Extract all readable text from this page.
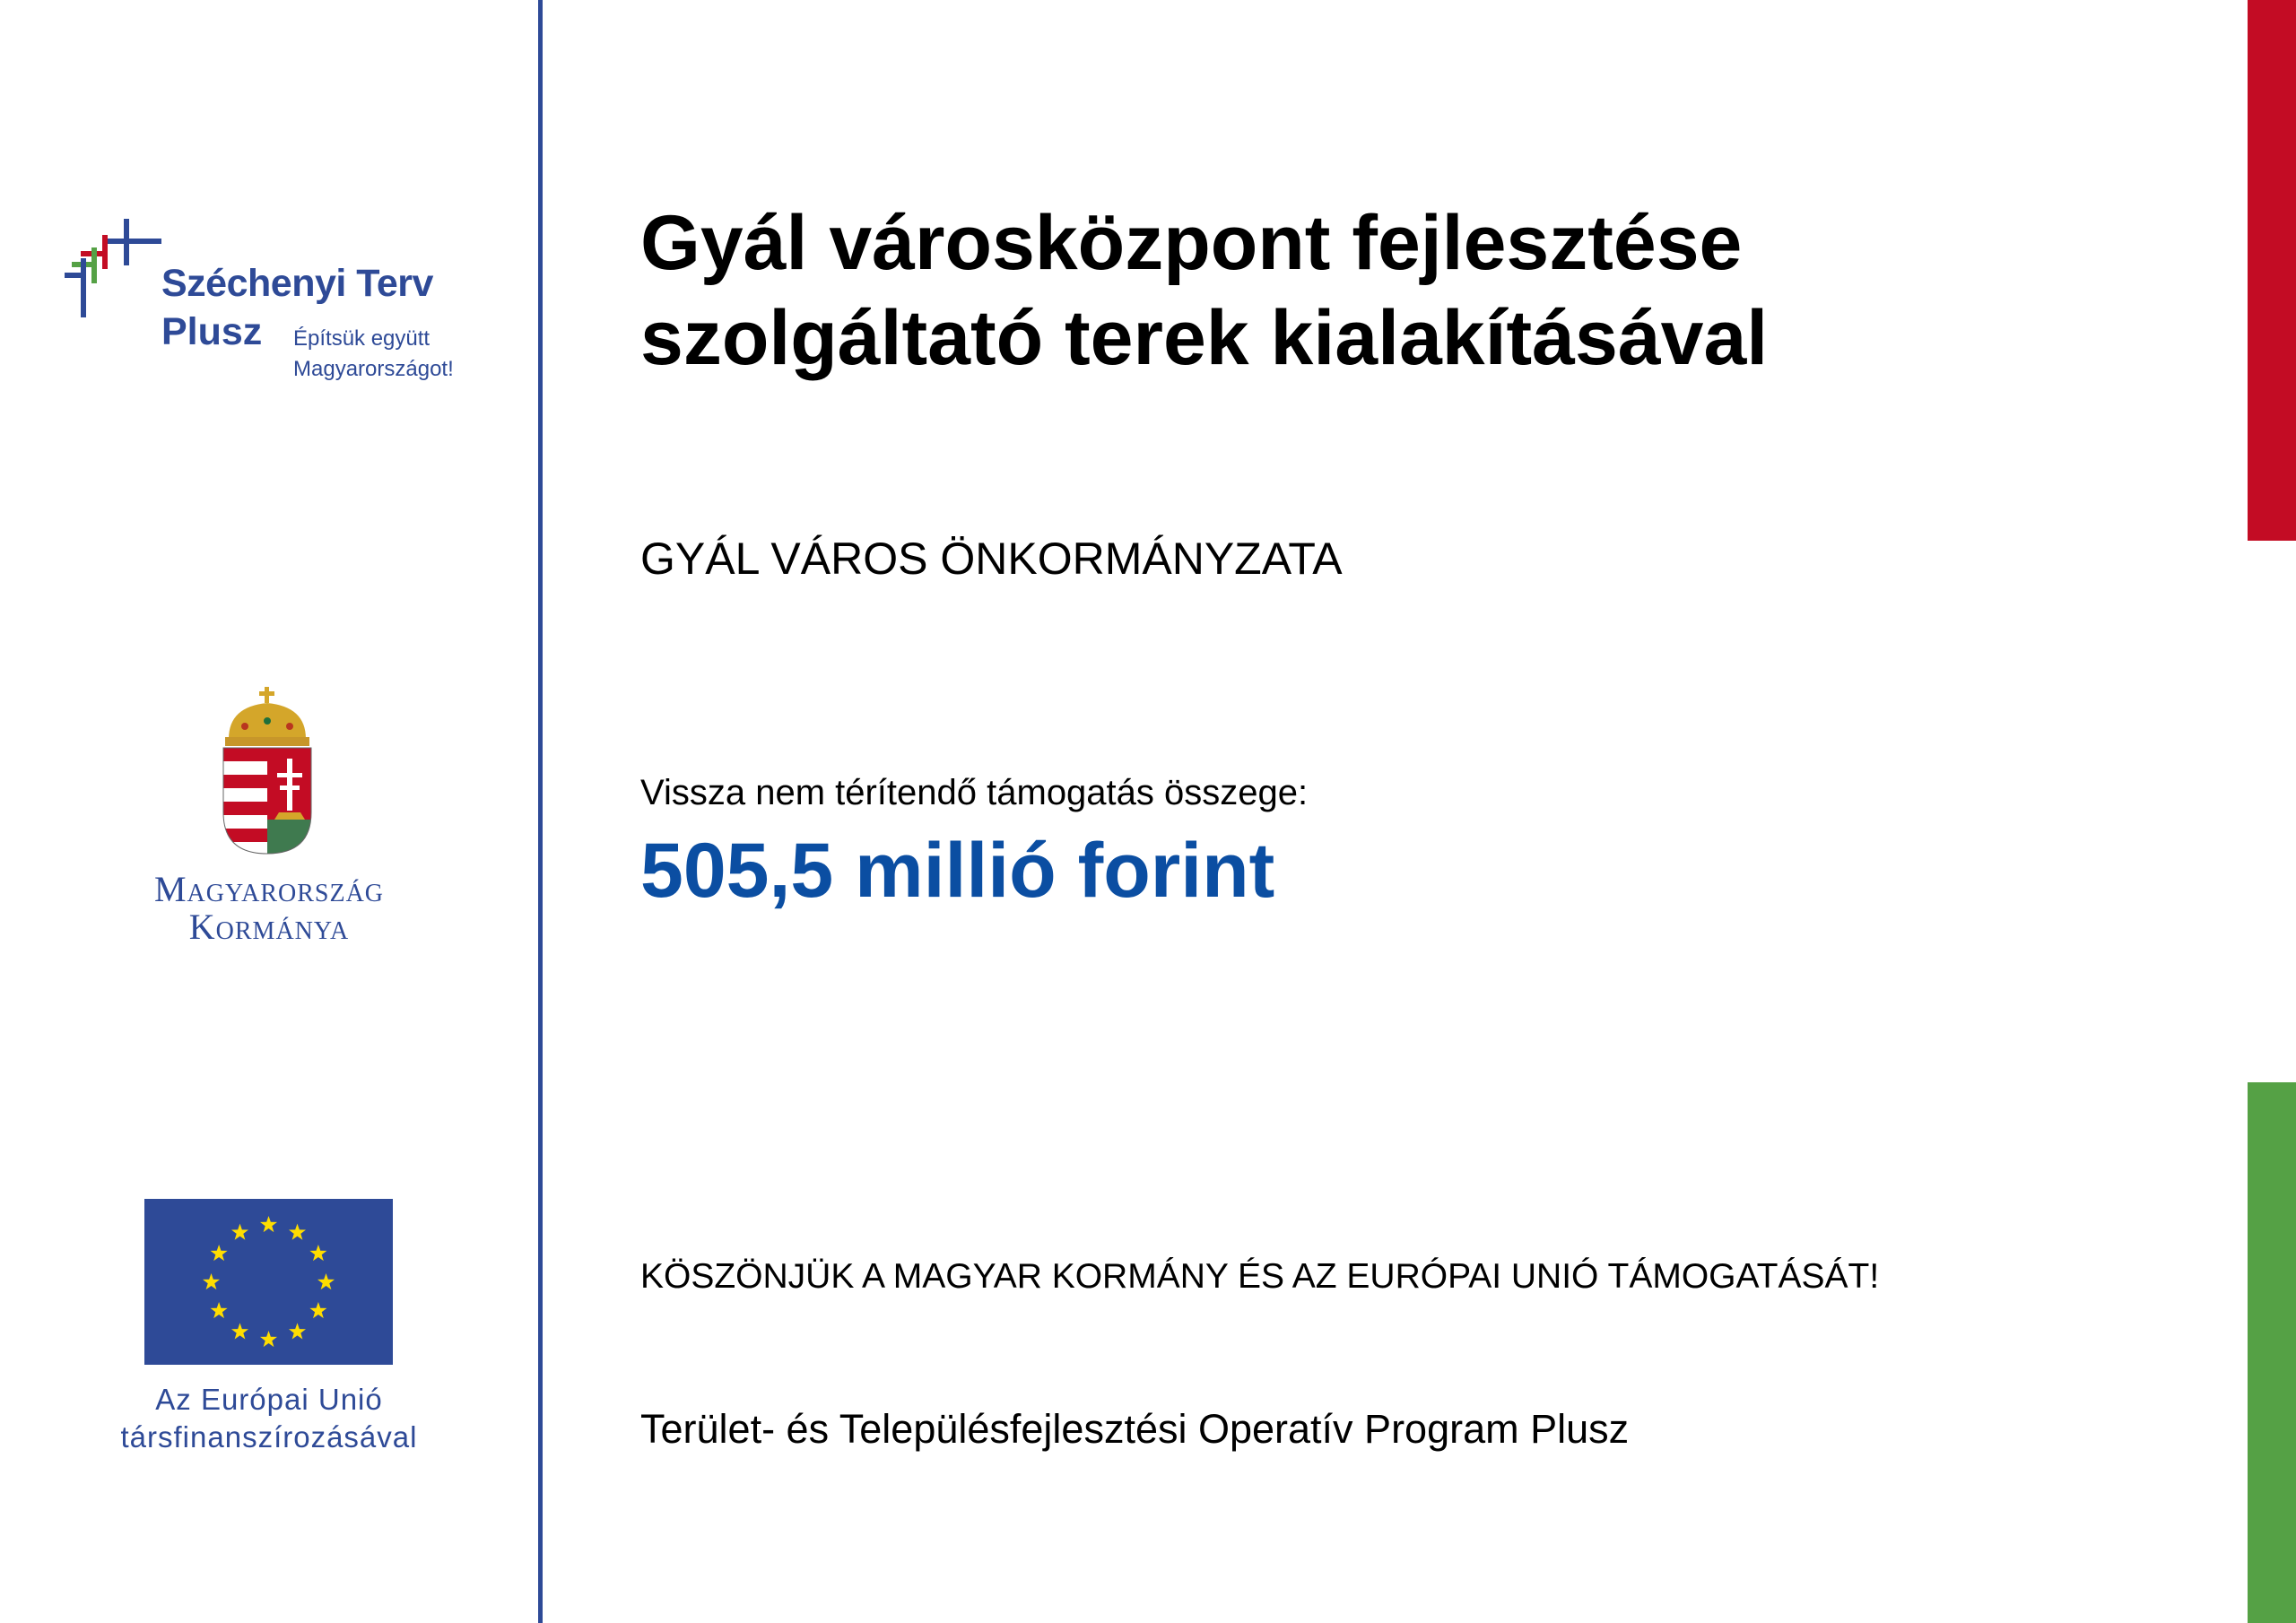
Széchenyi Terv
Plusz Építsük együtt
Magyarországot!
Magyarország
Kormánya
Az Európai Unió
társfinanszírozásával
Gyál városközpont fejlesztése
szolgáltató terek kialakításával
GYÁL VÁROS ÖNKORMÁNYZATA
Vissza nem térítendő támogatás összege:
505,5 millió forint
KÖSZÖNJÜK A MAGYAR KORMÁNY ÉS AZ EURÓPAI UNIÓ TÁMOGATÁSÁT!
Terület- és Településfejlesztési Operatív Program Plusz
